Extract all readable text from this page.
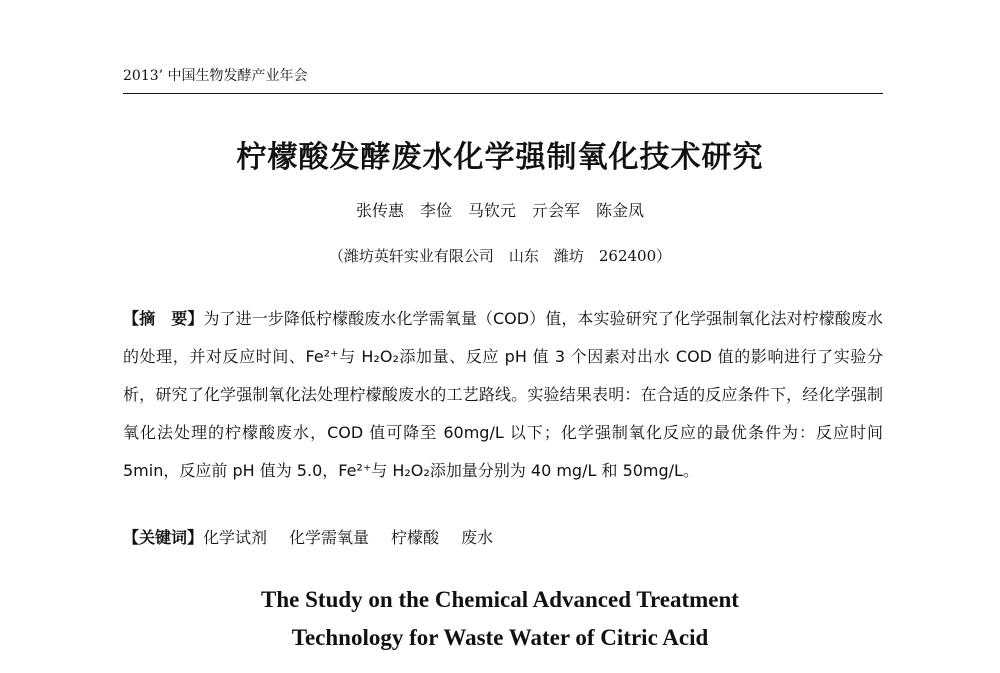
2013’ 中国生物发酵产业年会
柠檬酸发酵废水化学强制氧化技术研究
张传惠　李俭　马钦元　亓会军　陈金凤
（潍坊英轩实业有限公司　山东　潍坊　262400）
【摘　要】为了进一步降低柠檬酸废水化学需氧量（COD）值，本实验研究了化学强制氧化法对柠檬酸废水的处理，并对反应时间、Fe²⁺与 H₂O₂添加量、反应 pH 值 3 个因素对出水 COD 值的影响进行了实验分析，研究了化学强制氧化法处理柠檬酸废水的工艺路线。实验结果表明：在合适的反应条件下，经化学强制氧化法处理的柠檬酸废水，COD 值可降至 60mg/L 以下；化学强制氧化反应的最优条件为：反应时间 5min，反应前 pH 值为 5.0，Fe²⁺与 H₂O₂添加量分别为 40 mg/L 和 50mg/L。
【关键词】化学试剂 化学需氧量 柠檬酸 废水
The Study on the Chemical Advanced Treatment
Technology for Waste Water of Citric Acid
